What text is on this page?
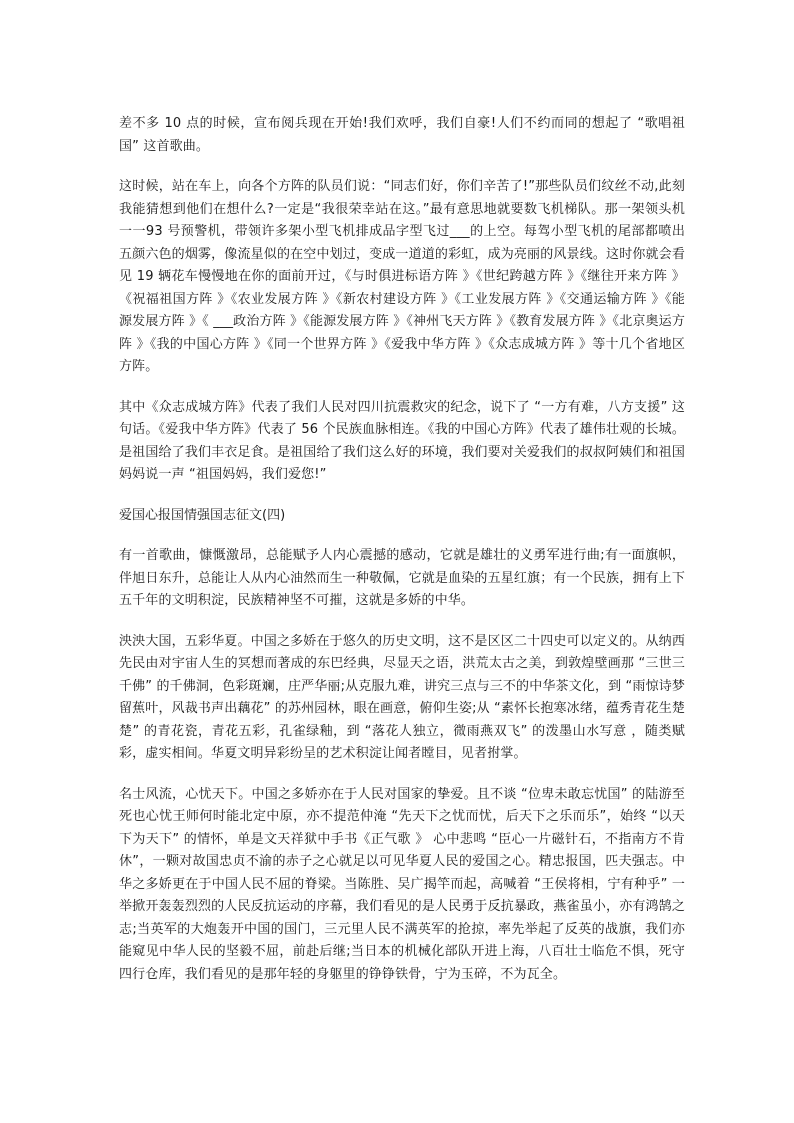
差不多 10 点的时候，宣布阅兵现在开始!我们欢呼，我们自豪!人们不约而同的想起了 “歌唱祖国” 这首歌曲。

这时候，站在车上，向各个方阵的队员们说：“同志们好，你们辛苦了!”那些队员们纹丝不动,此刻我能猜想到他们在想什么?一定是“我很荣幸站在这。”最有意思地就要数飞机梯队。那一架领头机一一93 号预警机，带领许多架小型飞机排成品字型飞过___的上空。每驾小型飞机的尾部都喷出五颜六色的烟雾，像流星似的在空中划过，变成一道道的彩虹，成为亮丽的风景线。这时你就会看见 19 辆花车慢慢地在你的面前开过，《与时俱进标语方阵 》《世纪跨越方阵 》《继往开来方阵 》《祝福祖国方阵 》《农业发展方阵 》《新农村建设方阵 》《工业发展方阵 》《交通运输方阵 》《能源发展方阵 》《 ___政治方阵 》《能源发展方阵 》《神州飞天方阵 》《教育发展方阵 》《北京奥运方阵 》《我的中国心方阵 》《同一个世界方阵 》《爱我中华方阵 》《众志成城方阵 》等十几个省地区方阵。

其中《众志成城方阵》代表了我们人民对四川抗震救灾的纪念，说下了 “一方有难，八方支援” 这句话。《爱我中华方阵》代表了 56 个民族血脉相连。《我的中国心方阵》代表了雄伟壮观的长城。是祖国给了我们丰衣足食。是祖国给了我们这么好的环境，我们要对关爱我们的叔叔阿姨们和祖国妈妈说一声 “祖国妈妈，我们爱您!”

爱国心报国情强国志征文(四)

有一首歌曲，慷慨激昂，总能赋予人内心震撼的感动，它就是雄壮的义勇军进行曲;有一面旗帜，伴旭日东升，总能让人从内心油然而生一种敬佩，它就是血染的五星红旗；有一个民族，拥有上下五千年的文明积淀，民族精神坚不可摧，这就是多娇的中华。

泱泱大国，五彩华夏。中国之多娇在于悠久的历史文明，这不是区区二十四史可以定义的。从纳西先民由对宇宙人生的冥想而著成的东巴经典，尽显天之语，洪荒太古之美，到敦煌壁画那 “三世三千佛” 的千佛洞，色彩斑斓，庄严华丽;从克服九难，讲究三点与三不的中华茶文化，到 “雨惊诗梦留蕉叶，风裁书声出藕花” 的苏州园林，眼在画意，俯仰生姿;从 “素怀长抱寒冰绪，蕴秀青花生楚楚” 的青花瓷，青花五彩，孔雀绿釉，到 “落花人独立，微雨燕双飞” 的泼墨山水写意 ，随类赋彩，虚实相间。华夏文明异彩纷呈的艺术积淀让闻者瞠目，见者拊掌。

名士风流，心忧天下。中国之多娇亦在于人民对国家的挚爱。且不谈 “位卑未敢忘忧国” 的陆游至死也心忧王师何时能北定中原，亦不提范仲淹 “先天下之忧而忧，后天下之乐而乐”，始终 “以天下为天下” 的情怀，单是文天祥狱中手书《正气歌 》 心中悲鸣 “臣心一片磁针石，不指南方不肯休”，一颗对故国忠贞不渝的赤子之心就足以可见华夏人民的爱国之心。精忠报国，匹夫强志。中华之多娇更在于中国人民不屈的脊梁。当陈胜、吴广揭竿而起，高喊着 “王侯将相，宁有种乎” 一举掀开轰轰烈烈的人民反抗运动的序幕，我们看见的是人民勇于反抗暴政，燕雀虽小，亦有鸿鹄之志;当英军的大炮轰开中国的国门，三元里人民不满英军的抢掠，率先举起了反英的战旗，我们亦能窥见中华人民的坚毅不屈，前赴后继;当日本的机械化部队开进上海，八百壮士临危不惧，死守四行仓库，我们看见的是那年轻的身躯里的铮铮铁骨，宁为玉碎，不为瓦全。
